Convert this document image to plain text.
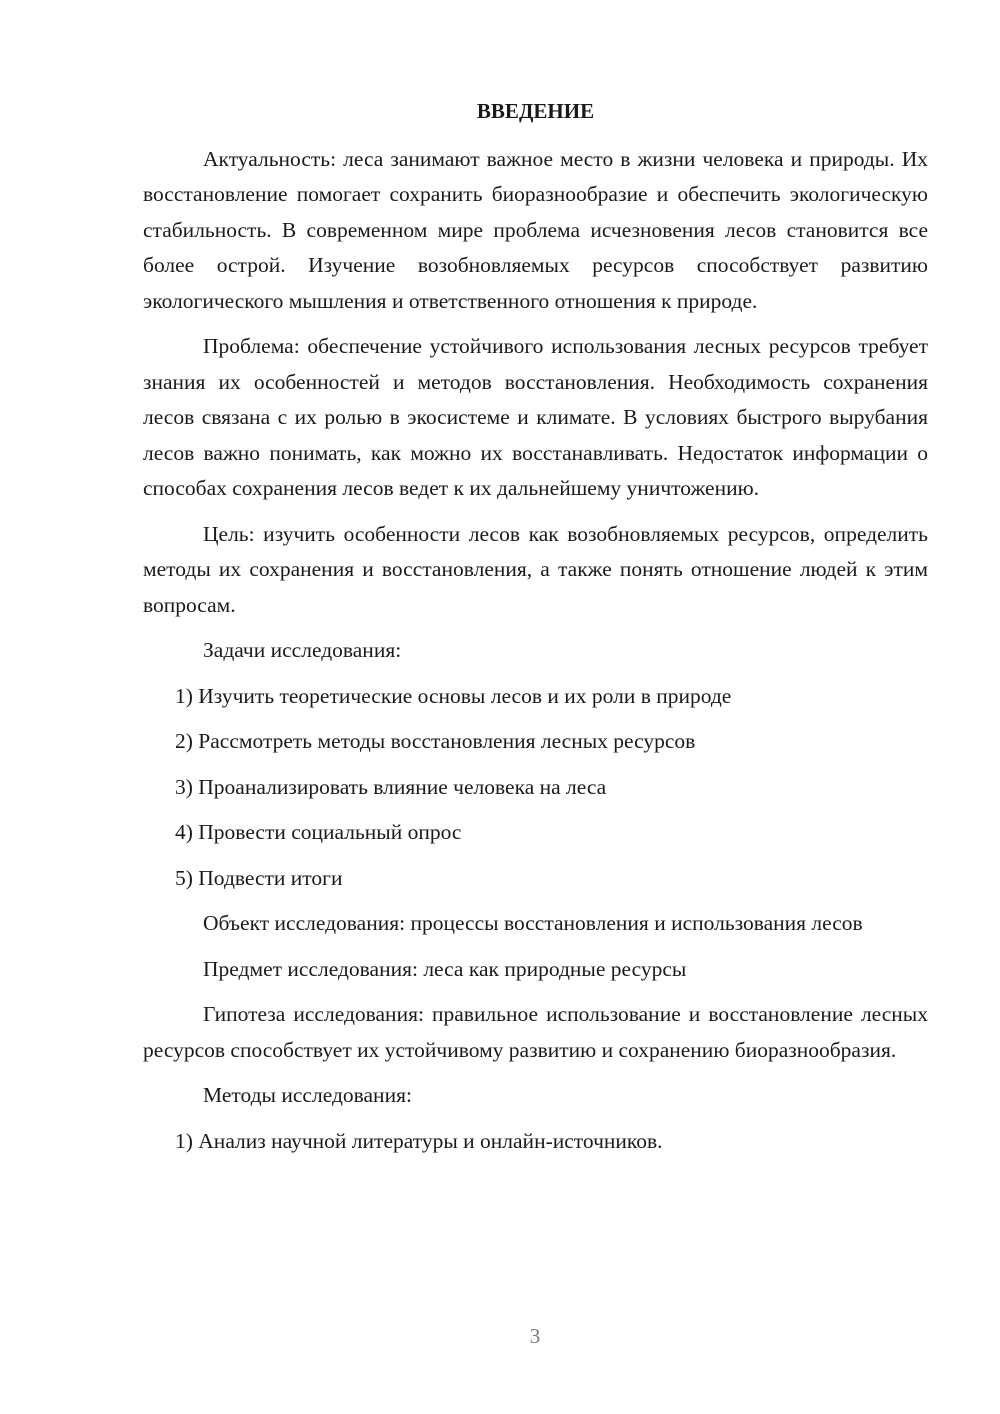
ВВЕДЕНИЕ

Актуальность: леса занимают важное место в жизни человека и природы. Их восстановление помогает сохранить биоразнообразие и обеспечить экологическую стабильность. В современном мире проблема исчезновения лесов становится все более острой. Изучение возобновляемых ресурсов способствует развитию экологического мышления и ответственного отношения к природе.

Проблема: обеспечение устойчивого использования лесных ресурсов требует знания их особенностей и методов восстановления. Необходимость сохранения лесов связана с их ролью в экосистеме и климате. В условиях быстрого вырубания лесов важно понимать, как можно их восстанавливать. Недостаток информации о способах сохранения лесов ведет к их дальнейшему уничтожению.

Цель: изучить особенности лесов как возобновляемых ресурсов, определить методы их сохранения и восстановления, а также понять отношение людей к этим вопросам.

Задачи исследования:

1) Изучить теоретические основы лесов и их роли в природе

2) Рассмотреть методы восстановления лесных ресурсов

3) Проанализировать влияние человека на леса

4) Провести социальный опрос

5) Подвести итоги

Объект исследования: процессы восстановления и использования лесов

Предмет исследования: леса как природные ресурсы

Гипотеза исследования: правильное использование и восстановление лесных ресурсов способствует их устойчивому развитию и сохранению биоразнообразия.

Методы исследования:

1) Анализ научной литературы и онлайн-источников.

3
